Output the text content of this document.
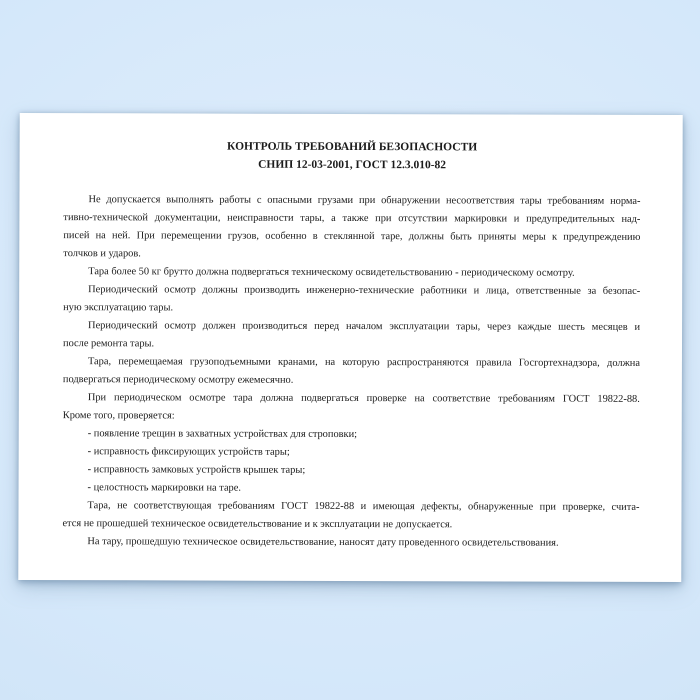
КОНТРОЛЬ ТРЕБОВАНИЙ БЕЗОПАСНОСТИ
СНИП 12-03-2001, ГОСТ 12.3.010-82
Не допускается выполнять работы с опасными грузами при обнаружении несоответствия тары требованиям норма-
тивно-технической документации, неисправности тары, а также при отсутствии маркировки и предупредительных над-
писей на ней. При перемещении грузов, особенно в стеклянной таре, должны быть приняты меры к предупреждению
толчков и ударов.
Тара более 50 кг брутто должна подвергаться техническому освидетельствованию - периодическому осмотру.
Периодический осмотр должны производить инженерно-технические работники и лица, ответственные за безопас-
ную эксплуатацию тары.
Периодический осмотр должен производиться перед началом эксплуатации тары, через каждые шесть месяцев и
после ремонта тары.
Тара, перемещаемая грузоподъемными кранами, на которую распространяются правила Госгортехнадзора, должна
подвергаться периодическому осмотру ежемесячно.
При периодическом осмотре тара должна подвергаться проверке на соответствие требованиям ГОСТ 19822-88.
Кроме того, проверяется:
- появление трещин в захватных устройствах для строповки;
- исправность фиксирующих устройств тары;
- исправность замковых устройств крышек тары;
- целостность маркировки на таре.
Тара, не соответствующая требованиям ГОСТ 19822-88 и имеющая дефекты, обнаруженные при проверке, счита-
ется не прошедшей техническое освидетельствование и к эксплуатации не допускается.
На тару, прошедшую техническое освидетельствование, наносят дату проведенного освидетельствования.
